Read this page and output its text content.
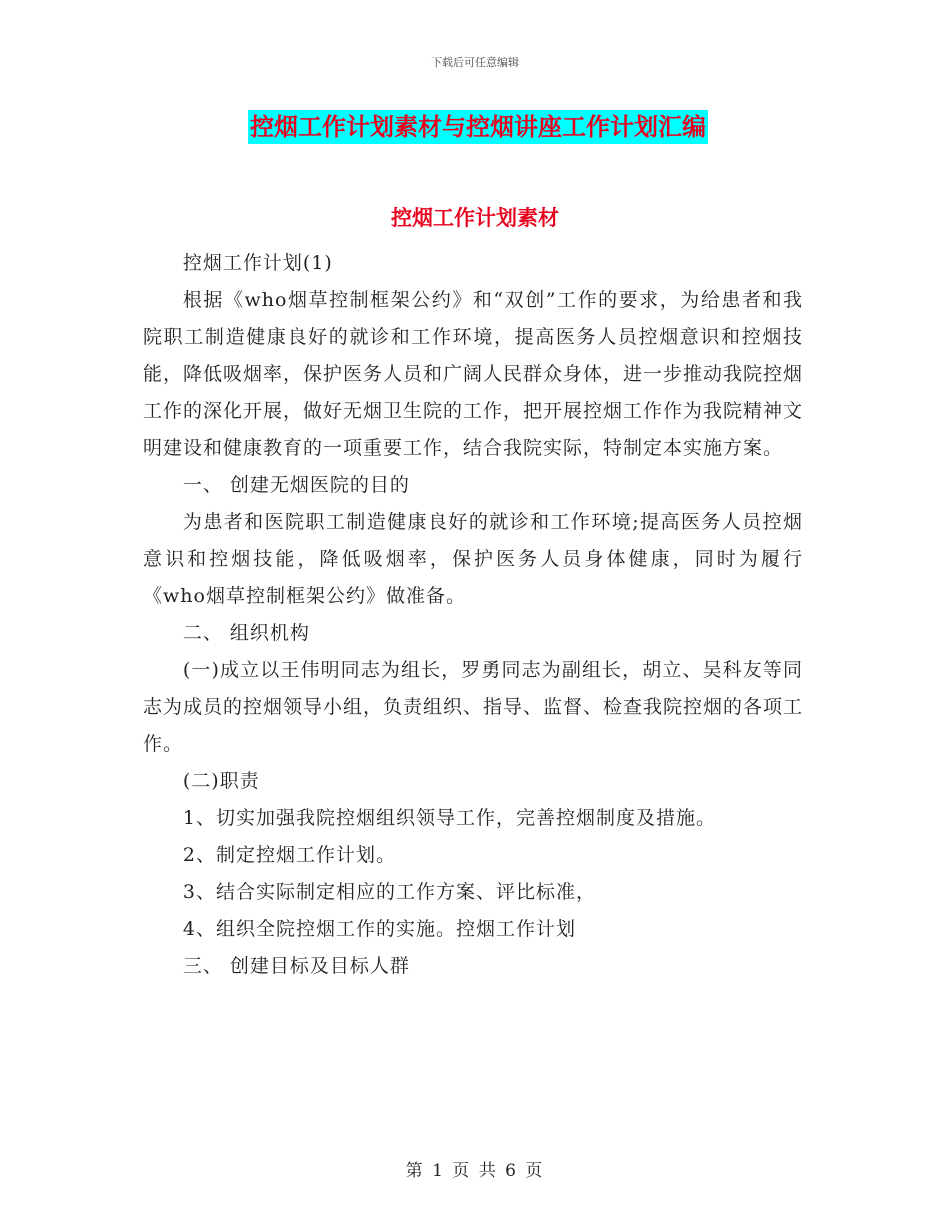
下载后可任意编辑
控烟工作计划素材与控烟讲座工作计划汇编
控烟工作计划素材

控烟工作计划(1)

根据《who烟草控制框架公约》和“双创”工作的要求，为给患者和我院职工制造健康良好的就诊和工作环境，提高医务人员控烟意识和控烟技能，降低吸烟率，保护医务人员和广阔人民群众身体，进一步推动我院控烟工作的深化开展，做好无烟卫生院的工作，把开展控烟工作作为我院精神文明建设和健康教育的一项重要工作，结合我院实际，特制定本实施方案。

一、 创建无烟医院的目的

为患者和医院职工制造健康良好的就诊和工作环境;提高医务人员控烟意识和控烟技能，降低吸烟率，保护医务人员身体健康，同时为履行《who烟草控制框架公约》做准备。

二、 组织机构

(一)成立以王伟明同志为组长，罗勇同志为副组长，胡立、吴科友等同志为成员的控烟领导小组，负责组织、指导、监督、检查我院控烟的各项工作。

(二)职责

1、切实加强我院控烟组织领导工作，完善控烟制度及措施。

2、制定控烟工作计划。

3、结合实际制定相应的工作方案、评比标准，

4、组织全院控烟工作的实施。控烟工作计划

三、 创建目标及目标人群

第 1 页 共 6 页
